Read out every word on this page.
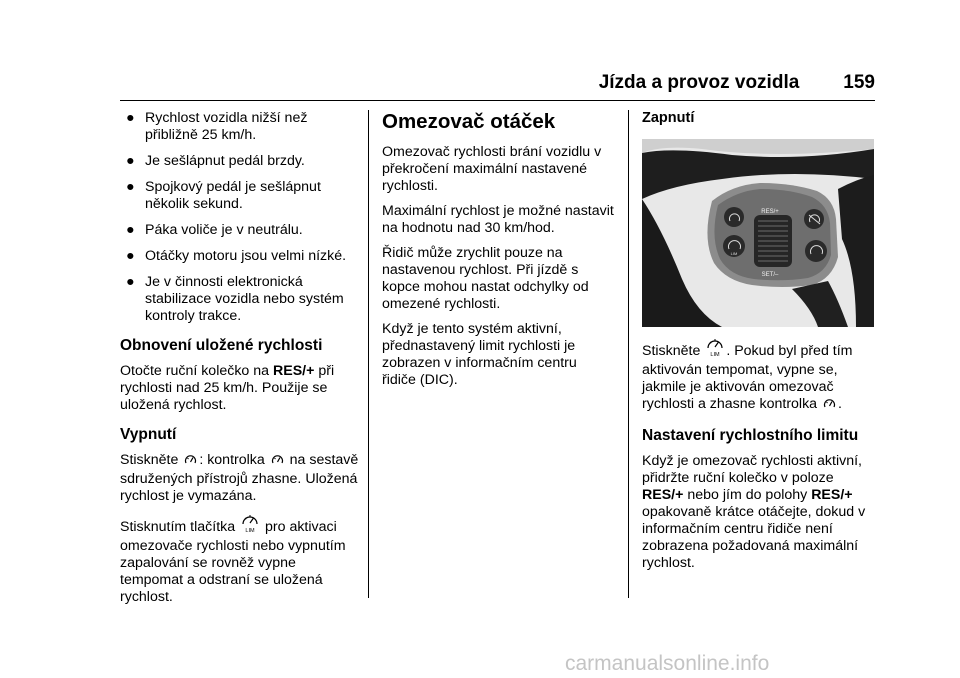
Jízda a provoz vozidla 159
● Rychlost vozidla nižší než přibližně 25 km/h.
● Je sešlápnut pedál brzdy.
● Spojkový pedál je sešlápnut několik sekund.
● Páka voliče je v neutrálu.
● Otáčky motoru jsou velmi nízké.
● Je v činnosti elektronická stabilizace vozidla nebo systém kontroly trakce.
Obnovení uložené rychlosti

Otočte ruční kolečko na RES/+ při rychlosti nad 25 km/h. Použije se uložená rychlost.

Vypnutí

Stiskněte : kontrolka  na sestavě sdružených přístrojů zhasne. Uložená rychlost je vymazána.

Stisknutím tlačítka LIM pro aktivaci omezovače rychlosti nebo vypnutím zapalování se rovněž vypne tempomat a odstraní se uložená rychlost.

Omezovač otáček

Omezovač rychlosti brání vozidlu v překročení maximální nastavené rychlosti.

Maximální rychlost je možné nastavit na hodnotu nad 30 km/hod.

Řidič může zrychlit pouze na nastavenou rychlost. Při jízdě s kopce mohou nastat odchylky od omezené rychlosti.

Když je tento systém aktivní, přednastavený limit rychlosti je zobrazen v informačním centru řidiče (DIC).

Zapnutí
RES/+
SET/–
LIM

Stiskněte LIM . Pokud byl před tím aktivován tempomat, vypne se, jakmile je aktivován omezovač rychlosti a zhasne kontrolka .

Nastavení rychlostního limitu

Když je omezovač rychlosti aktivní, přidržte ruční kolečko v poloze RES/+ nebo jím do polohy RES/+ opakovaně krátce otáčejte, dokud v informačním centru řidiče není zobrazena požadovaná maximální rychlost.

carmanualsonline.info
